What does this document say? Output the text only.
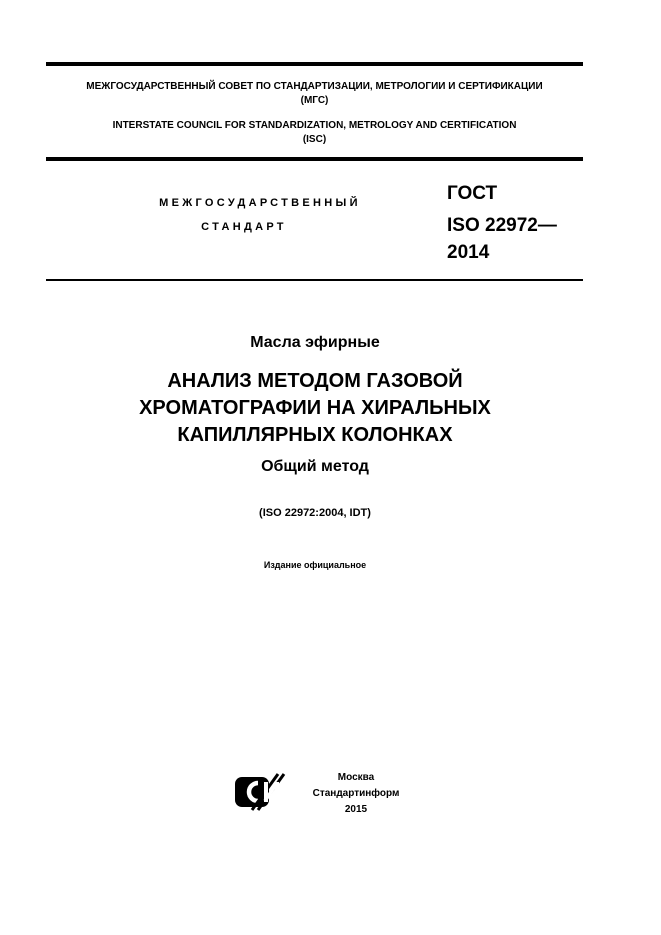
МЕЖГОСУДАРСТВЕННЫЙ СОВЕТ ПО СТАНДАРТИЗАЦИИ, МЕТРОЛОГИИ И СЕРТИФИКАЦИИ
(МГС)
INTERSTATE COUNCIL FOR STANDARDIZATION, METROLOGY AND CERTIFICATION
(ISC)
МЕЖГОСУДАРСТВЕННЫЙ
СТАНДАРТ
ГОСТ
ISO 22972—
2014
Масла эфирные
АНАЛИЗ МЕТОДОМ ГАЗОВОЙ
ХРОМАТОГРАФИИ НА ХИРАЛЬНЫХ
КАПИЛЛЯРНЫХ КОЛОНКАХ
Общий метод
(ISO 22972:2004, IDT)
Издание официальное
Москва
Стандартинформ
2015
